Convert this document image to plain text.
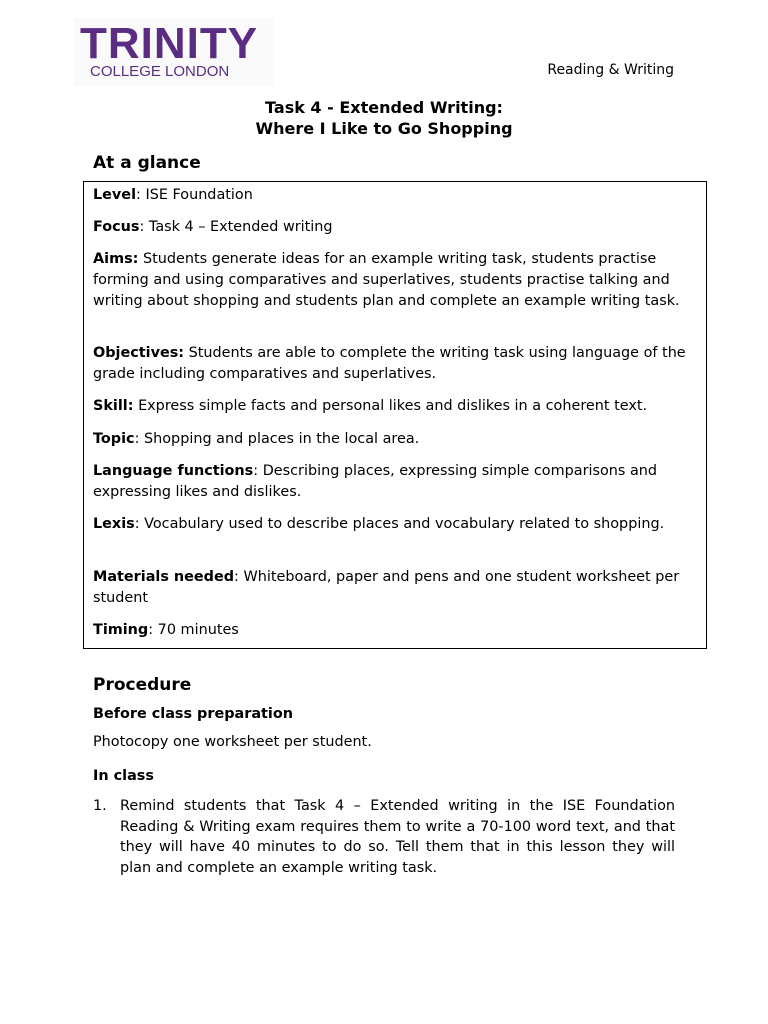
TRINITY
COLLEGE LONDON	Reading & Writing
Task 4 - Extended Writing:
Where I Like to Go Shopping
At a glance
Level: ISE Foundation
Focus: Task 4 – Extended writing
Aims: Students generate ideas for an example writing task, students practise forming and using comparatives and superlatives, students practise talking and writing about shopping and students plan and complete an example writing task.
Objectives: Students are able to complete the writing task using language of the grade including comparatives and superlatives.
Skill: Express simple facts and personal likes and dislikes in a coherent text.
Topic: Shopping and places in the local area.
Language functions: Describing places, expressing simple comparisons and expressing likes and dislikes.
Lexis: Vocabulary used to describe places and vocabulary related to shopping.
Materials needed: Whiteboard, paper and pens and one student worksheet per student
Timing: 70 minutes
Procedure
Before class preparation
Photocopy one worksheet per student.
In class
1. Remind students that Task 4 – Extended writing in the ISE Foundation Reading & Writing exam requires them to write a 70-100 word text, and that they will have 40 minutes to do so. Tell them that in this lesson they will plan and complete an example writing task.
